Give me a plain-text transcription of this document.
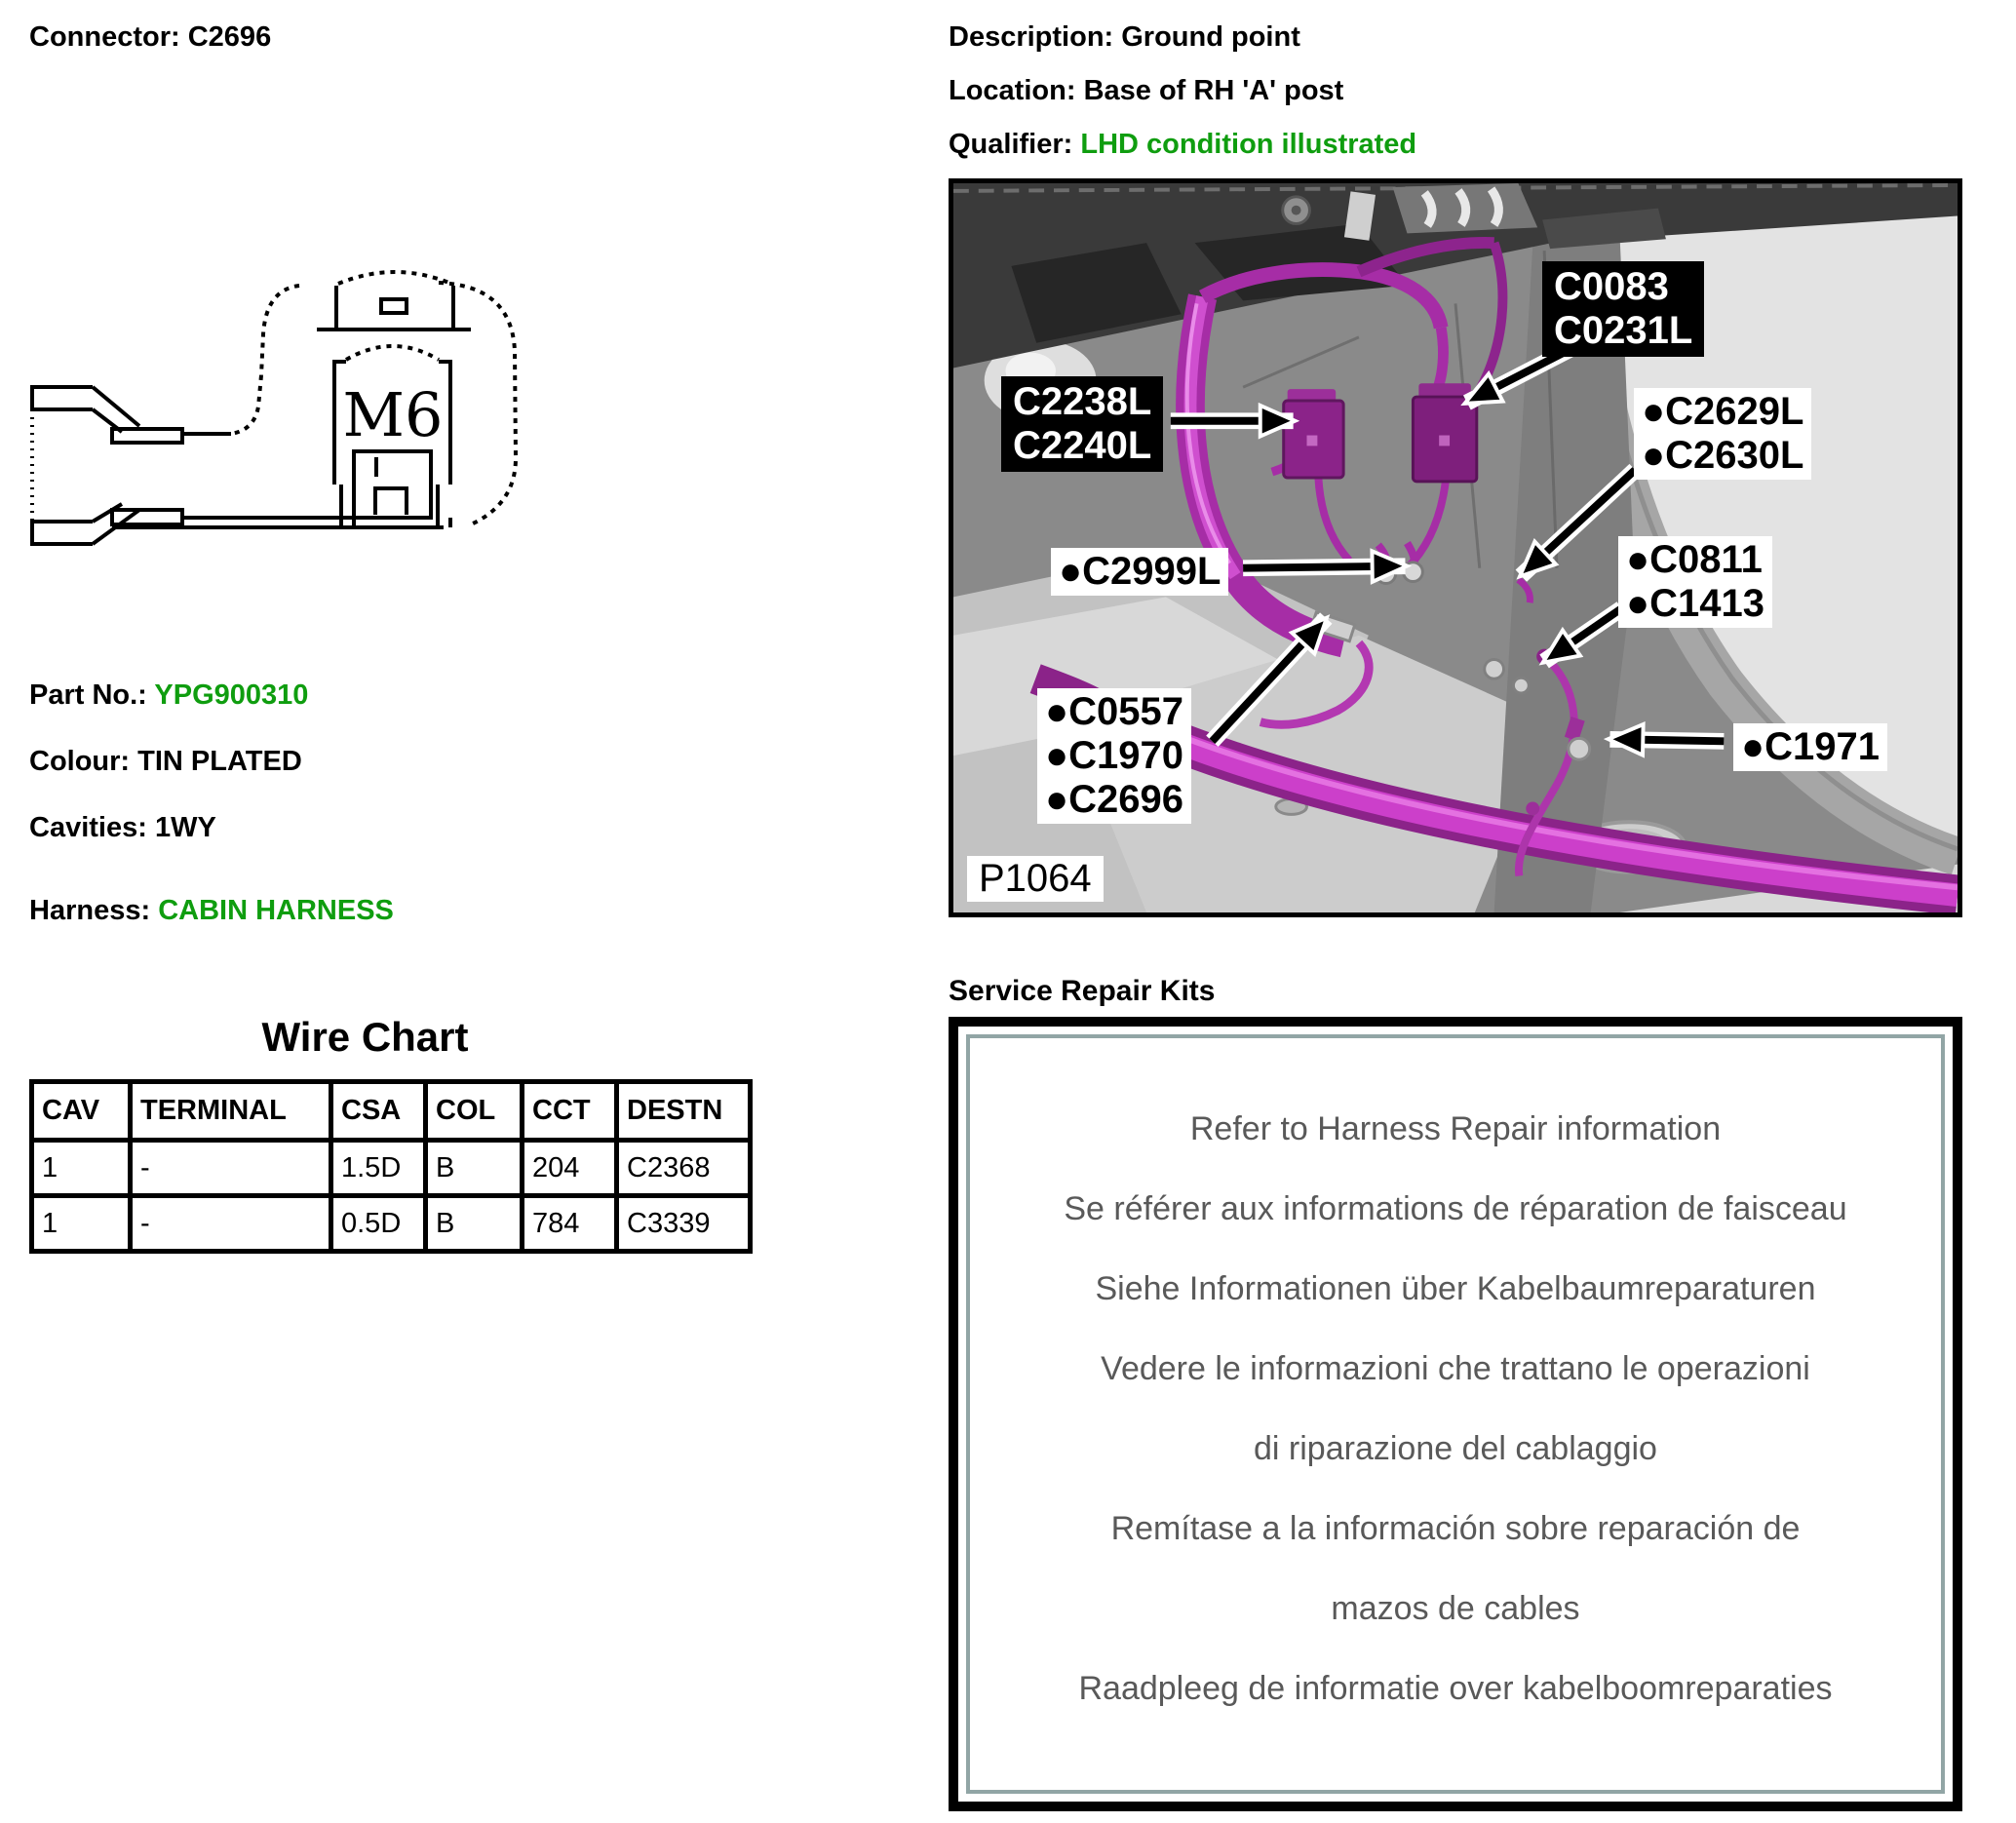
Connector: C2696	Description: Ground point
Location: Base of RH 'A' post
Qualifier: LHD condition illustrated
M6
Part No.: YPG900310
Colour: TIN PLATED
Cavities: 1WY
Harness: CABIN HARNESS
Wire Chart
CAV	TERMINAL	CSA	COL	CCT	DESTN
1	-	1.5D	B	204	C2368
1	-	0.5D	B	784	C3339
C2238L
C2240L
C0083
C0231L
●C2629L
●C2630L
●C2999L	●C0811
●C1413
●C0557
●C1970
●C2696
●C1971
P1064
Service Repair Kits
Refer to Harness Repair information
Se référer aux informations de réparation de faisceau
Siehe Informationen über Kabelbaumreparaturen
Vedere le informazioni che trattano le operazioni
di riparazione del cablaggio
Remítase a la información sobre reparación de
mazos de cables
Raadpleeg de informatie over kabelboomreparaties
